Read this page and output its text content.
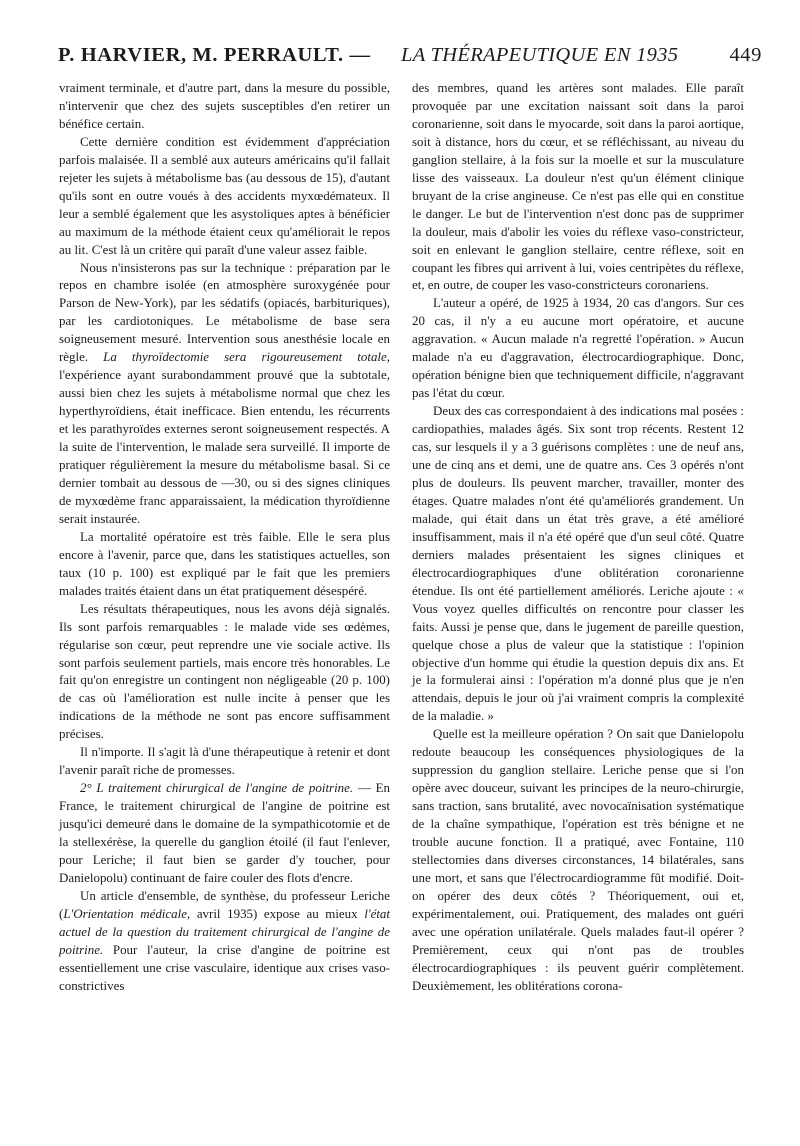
P. HARVIER, M. PERRAULT. — LA THÉRAPEUTIQUE EN 1935 449

vraiment terminale, et d'autre part, dans la mesure du possible, n'intervenir que chez des sujets susceptibles d'en retirer un bénéfice certain.

Cette dernière condition est évidemment d'appréciation parfois malaisée. Il a semblé aux auteurs américains qu'il fallait rejeter les sujets à métabolisme bas (au dessous de 15), d'autant qu'ils sont en outre voués à des accidents myxœdémateux. Il leur a semblé également que les asystoliques aptes à bénéficier au maximum de la méthode étaient ceux qu'améliorait le repos au lit. C'est là un critère qui paraît d'une valeur assez faible.

Nous n'insisterons pas sur la technique : préparation par le repos en chambre isolée (en atmosphère suroxygénée pour Parson de New-York), par les sédatifs (opiacés, barbituriques), par les cardiotoniques. Le métabolisme de base sera soigneusement mesuré. Intervention sous anesthésie locale en règle. La thyroïdectomie sera rigoureusement totale, l'expérience ayant surabondamment prouvé que la subtotale, aussi bien chez les sujets à métabolisme normal que chez les hyperthyroïdiens, était inefficace. Bien entendu, les récurrents et les parathyroïdes externes seront soigneusement respectés. A la suite de l'intervention, le malade sera surveillé. Il importe de pratiquer régulièrement la mesure du métabolisme basal. Si ce dernier tombait au dessous de —30, ou si des signes cliniques de myxœdème franc apparaissaient, la médication thyroïdienne serait instaurée.

La mortalité opératoire est très faible. Elle le sera plus encore à l'avenir, parce que, dans les statistiques actuelles, son taux (10 p. 100) est expliqué par le fait que les premiers malades traités étaient dans un état pratiquement désespéré.

Les résultats thérapeutiques, nous les avons déjà signalés. Ils sont parfois remarquables : le malade vide ses œdèmes, régularise son cœur, peut reprendre une vie sociale active. Ils sont parfois seulement partiels, mais encore très honorables. Le fait qu'on enregistre un contingent non négligeable (20 p. 100) de cas où l'amélioration est nulle incite à penser que les indications de la méthode ne sont pas encore suffisamment précises.

Il n'importe. Il s'agit là d'une thérapeutique à retenir et dont l'avenir paraît riche de promesses.

2° L traitement chirurgical de l'angine de poitrine. — En France, le traitement chirurgical de l'angine de poitrine est jusqu'ici demeuré dans le domaine de la sympathicotomie et de la stellexérèse, la querelle du ganglion étoilé (il faut l'enlever, pour Leriche; il faut bien se garder d'y toucher, pour Danielopolu) continuant de faire couler des flots d'encre.

Un article d'ensemble, de synthèse, du professeur Leriche (L'Orientation médicale, avril 1935) expose au mieux l'état actuel de la question du traitement chirurgical de l'angine de poitrine. Pour l'auteur, la crise d'angine de poitrine est essentiellement une crise vasculaire, identique aux crises vaso-constrictives

des membres, quand les artères sont malades. Elle paraît provoquée par une excitation naissant soit dans la paroi coronarienne, soit dans le myocarde, soit dans la paroi aortique, soit à distance, hors du cœur, et se réfléchissant, au niveau du ganglion stellaire, à la fois sur la moelle et sur la musculature lisse des vaisseaux. La douleur n'est qu'un élément clinique bruyant de la crise angineuse. Ce n'est pas elle qui en constitue le danger. Le but de l'intervention n'est donc pas de supprimer la douleur, mais d'abolir les voies du réflexe vaso-constricteur, soit en enlevant le ganglion stellaire, centre réflexe, soit en coupant les fibres qui arrivent à lui, voies centripètes du réflexe, et, en outre, de couper les vaso-constricteurs coronariens.

L'auteur a opéré, de 1925 à 1934, 20 cas d'angors. Sur ces 20 cas, il n'y a eu aucune mort opératoire, et aucune aggravation. « Aucun malade n'a regretté l'opération. » Aucun malade n'a eu d'aggravation, électrocardiographique. Donc, opération bénigne bien que techniquement difficile, n'aggravant pas l'état du cœur.

Deux des cas correspondaient à des indications mal posées : cardiopathies, malades âgés. Six sont trop récents. Restent 12 cas, sur lesquels il y a 3 guérisons complètes : une de neuf ans, une de cinq ans et demi, une de quatre ans. Ces 3 opérés n'ont plus de douleurs. Ils peuvent marcher, travailler, monter des étages. Quatre malades n'ont été qu'améliorés grandement. Un malade, qui était dans un état très grave, a été amélioré insuffisamment, mais il n'a été opéré que d'un seul côté. Quatre derniers malades présentaient les signes cliniques et électrocardiographiques d'une oblitération coronarienne étendue. Ils ont été partiellement améliorés. Leriche ajoute : « Vous voyez quelles difficultés on rencontre pour classer les faits. Aussi je pense que, dans le jugement de pareille question, quelque chose a plus de valeur que la statistique : l'opinion objective d'un homme qui étudie la question depuis dix ans. Et je la formulerai ainsi : l'opération m'a donné plus que je n'en attendais, depuis le jour où j'ai vraiment compris la complexité de la maladie. »

Quelle est la meilleure opération ? On sait que Danielopolu redoute beaucoup les conséquences physiologiques de la suppression du ganglion stellaire. Leriche pense que si l'on opère avec douceur, suivant les principes de la neuro-chirurgie, sans traction, sans brutalité, avec novocaïnisation systématique de la chaîne sympathique, l'opération est très bénigne et ne trouble aucune fonction. Il a pratiqué, avec Fontaine, 110 stellectomies dans diverses circonstances, 14 bilatérales, sans une mort, et sans que l'électrocardiogramme fût modifié. Doit-on opérer des deux côtés ? Théoriquement, oui et, expérimentalement, oui. Pratiquement, des malades ont guéri avec une opération unilatérale. Quels malades faut-il opérer ? Premièrement, ceux qui n'ont pas de troubles électrocardiographiques : ils peuvent guérir complètement. Deuxièmement, les oblitérations corona-
